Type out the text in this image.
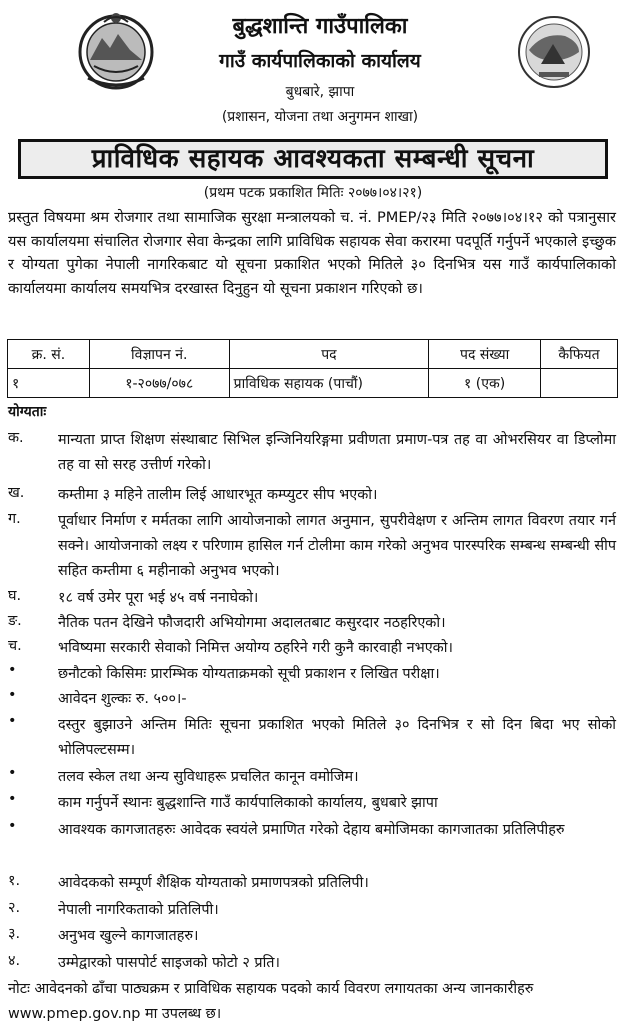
बुद्धशान्ति गाउँपालिका
गाउँ कार्यपालिकाको कार्यालय
बुधबारे, झापा
(प्रशासन, योजना तथा अनुगमन शाखा)
प्राविधिक सहायक आवश्यकता सम्बन्धी सूचना
(प्रथम पटक प्रकाशित मितिः २०७७।०४।२१)
प्रस्तुत विषयमा श्रम रोजगार तथा सामाजिक सुरक्षा मन्त्रालयको च. नं. PMEP/२३ मिति २०७७।०४।१२ को पत्रानुसार यस कार्यालयमा संचालित रोजगार सेवा केन्द्रका लागि प्राविधिक सहायक सेवा करारमा पदपूर्ति गर्नुपर्ने भएकाले इच्छुक र योग्यता पुगेका नेपाली नागरिकबाट यो सूचना प्रकाशित भएको मितिले ३० दिनभित्र यस गाउँ कार्यपालिकाको कार्यालयमा कार्यालय समयभित्र दरखास्त दिनुहुन यो सूचना प्रकाशन गरिएको छ।
क्र. सं.	विज्ञापन नं.	पद	पद संख्या	कैफियत
१	१-२०७७/०७८	प्राविधिक सहायक (पाचौं)	१ (एक)	
योग्यताः
क.	मान्यता प्राप्त शिक्षण संस्थाबाट सिभिल इन्जिनियरिङ्गमा प्रवीणता प्रमाण-पत्र तह वा ओभरसियर वा डिप्लोमा तह वा सो सरह उत्तीर्ण गरेको।
ख.	कम्तीमा ३ महिने तालीम लिई आधारभूत कम्प्युटर सीप भएको।
ग.	पूर्वाधार निर्माण र मर्मतका लागि आयोजनाको लागत अनुमान, सुपरीवेक्षण र अन्तिम लागत विवरण तयार गर्न सक्ने। आयोजनाको लक्ष्य र परिणाम हासिल गर्न टोलीमा काम गरेको अनुभव पारस्परिक सम्बन्ध सम्बन्धी सीप सहित कम्तीमा ६ महीनाको अनुभव भएको।
घ.	१८ वर्ष उमेर पूरा भई ४५ वर्ष ननाघेको।
ङ.	नैतिक पतन देखिने फौजदारी अभियोगमा अदालतबाट कसुरदार नठहरिएको।
च.	भविष्यमा सरकारी सेवाको निमित्त अयोग्य ठहरिने गरी कुनै कारवाही नभएको।
•	छनौटको किसिमः प्रारम्भिक योग्यताक्रमको सूची प्रकाशन र लिखित परीक्षा।
•	आवेदन शुल्कः रु. ५००।-
•	दस्तुर बुझाउने अन्तिम मितिः सूचना प्रकाशित भएको मितिले ३० दिनभित्र र सो दिन बिदा भए सोको भोलिपल्टसम्म।
•	तलव स्केल तथा अन्य सुविधाहरू प्रचलित कानून वमोजिम।
•	काम गर्नुपर्ने स्थानः बुद्धशान्ति गाउँ कार्यपालिकाको कार्यालय, बुधबारे झापा
•	आवश्यक कागजातहरुः आवेदक स्वयंले प्रमाणित गरेको देहाय बमोजिमका कागजातका प्रतिलिपीहरु
१.	आवेदकको सम्पूर्ण शैक्षिक योग्यताको प्रमाणपत्रको प्रतिलिपी।
२.	नेपाली नागरिकताको प्रतिलिपी।
३.	अनुभव खुल्ने कागजातहरु।
४.	उम्मेद्वारको पासपोर्ट साइजको फोटो २ प्रति।
नोटः आवेदनको ढाँचा पाठ्यक्रम र प्राविधिक सहायक पदको कार्य विवरण लगायतका अन्य जानकारीहरु www.pmep.gov.np मा उपलब्ध छ।
